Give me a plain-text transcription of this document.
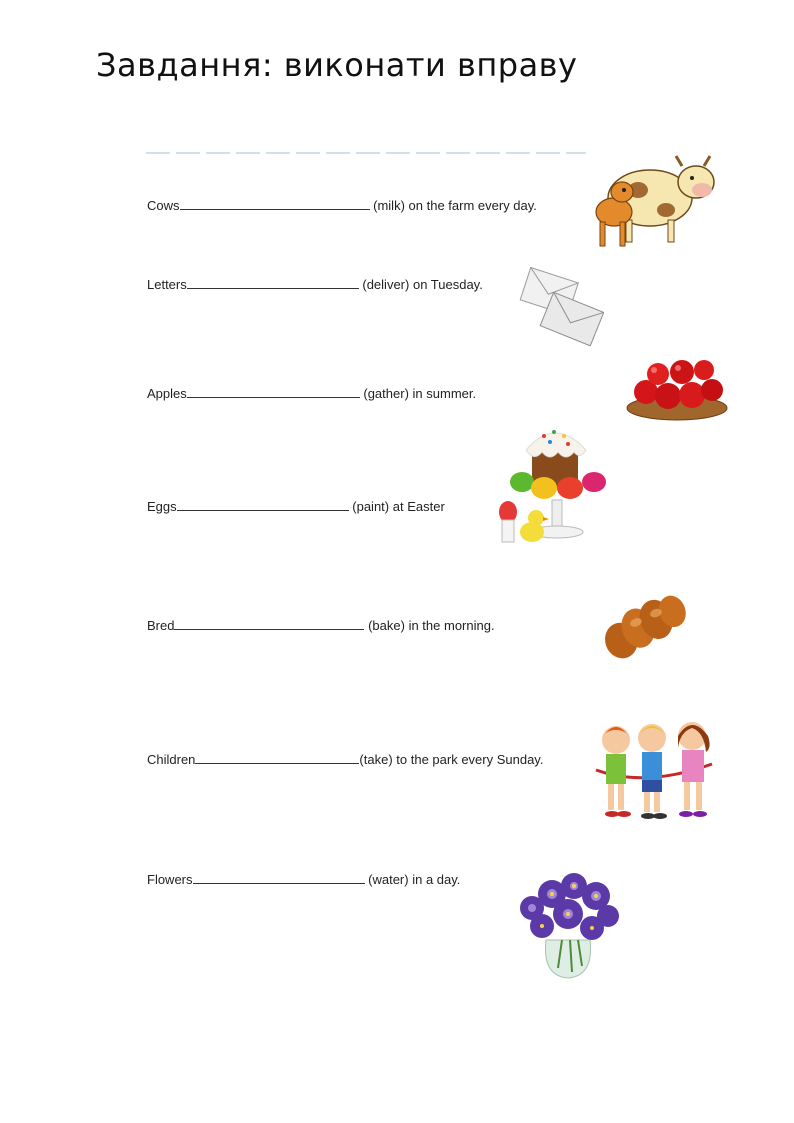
Завдання: виконати вправу
Cows	(milk) on the farm every day.
Letters	(deliver) on Tuesday.
Apples	(gather) in summer.
Eggs	(paint) at Easter
Bred	(bake) in the morning.
Children	(take) to the park every Sunday.
Flowers	(water) in a day.
